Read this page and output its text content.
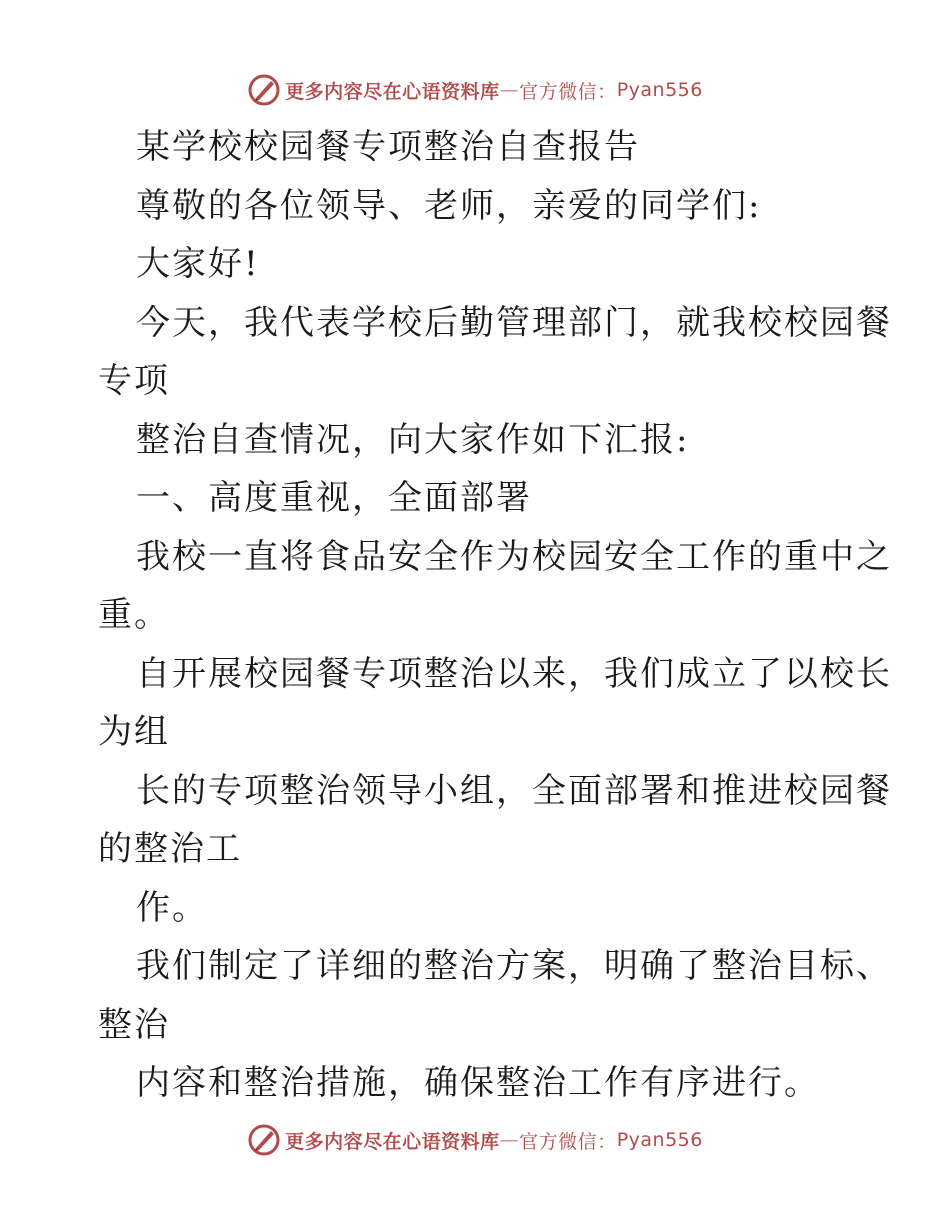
更多内容尽在心语资料库 — 官方微信： Pyan556
某学校校园餐专项整治自查报告
尊敬的各位领导、老师，亲爱的同学们:
大家好!
今天，我代表学校后勤管理部门，就我校校园餐
专项
整治自查情况，向大家作如下汇报:
一、高度重视，全面部署
我校一直将食品安全作为校园安全工作的重中之
重。
自开展校园餐专项整治以来，我们成立了以校长
为组
长的专项整治领导小组，全面部署和推进校园餐
的整治工
作。
我们制定了详细的整治方案，明确了整治目标、
整治
内容和整治措施，确保整治工作有序进行。
更多内容尽在心语资料库 — 官方微信： Pyan556
